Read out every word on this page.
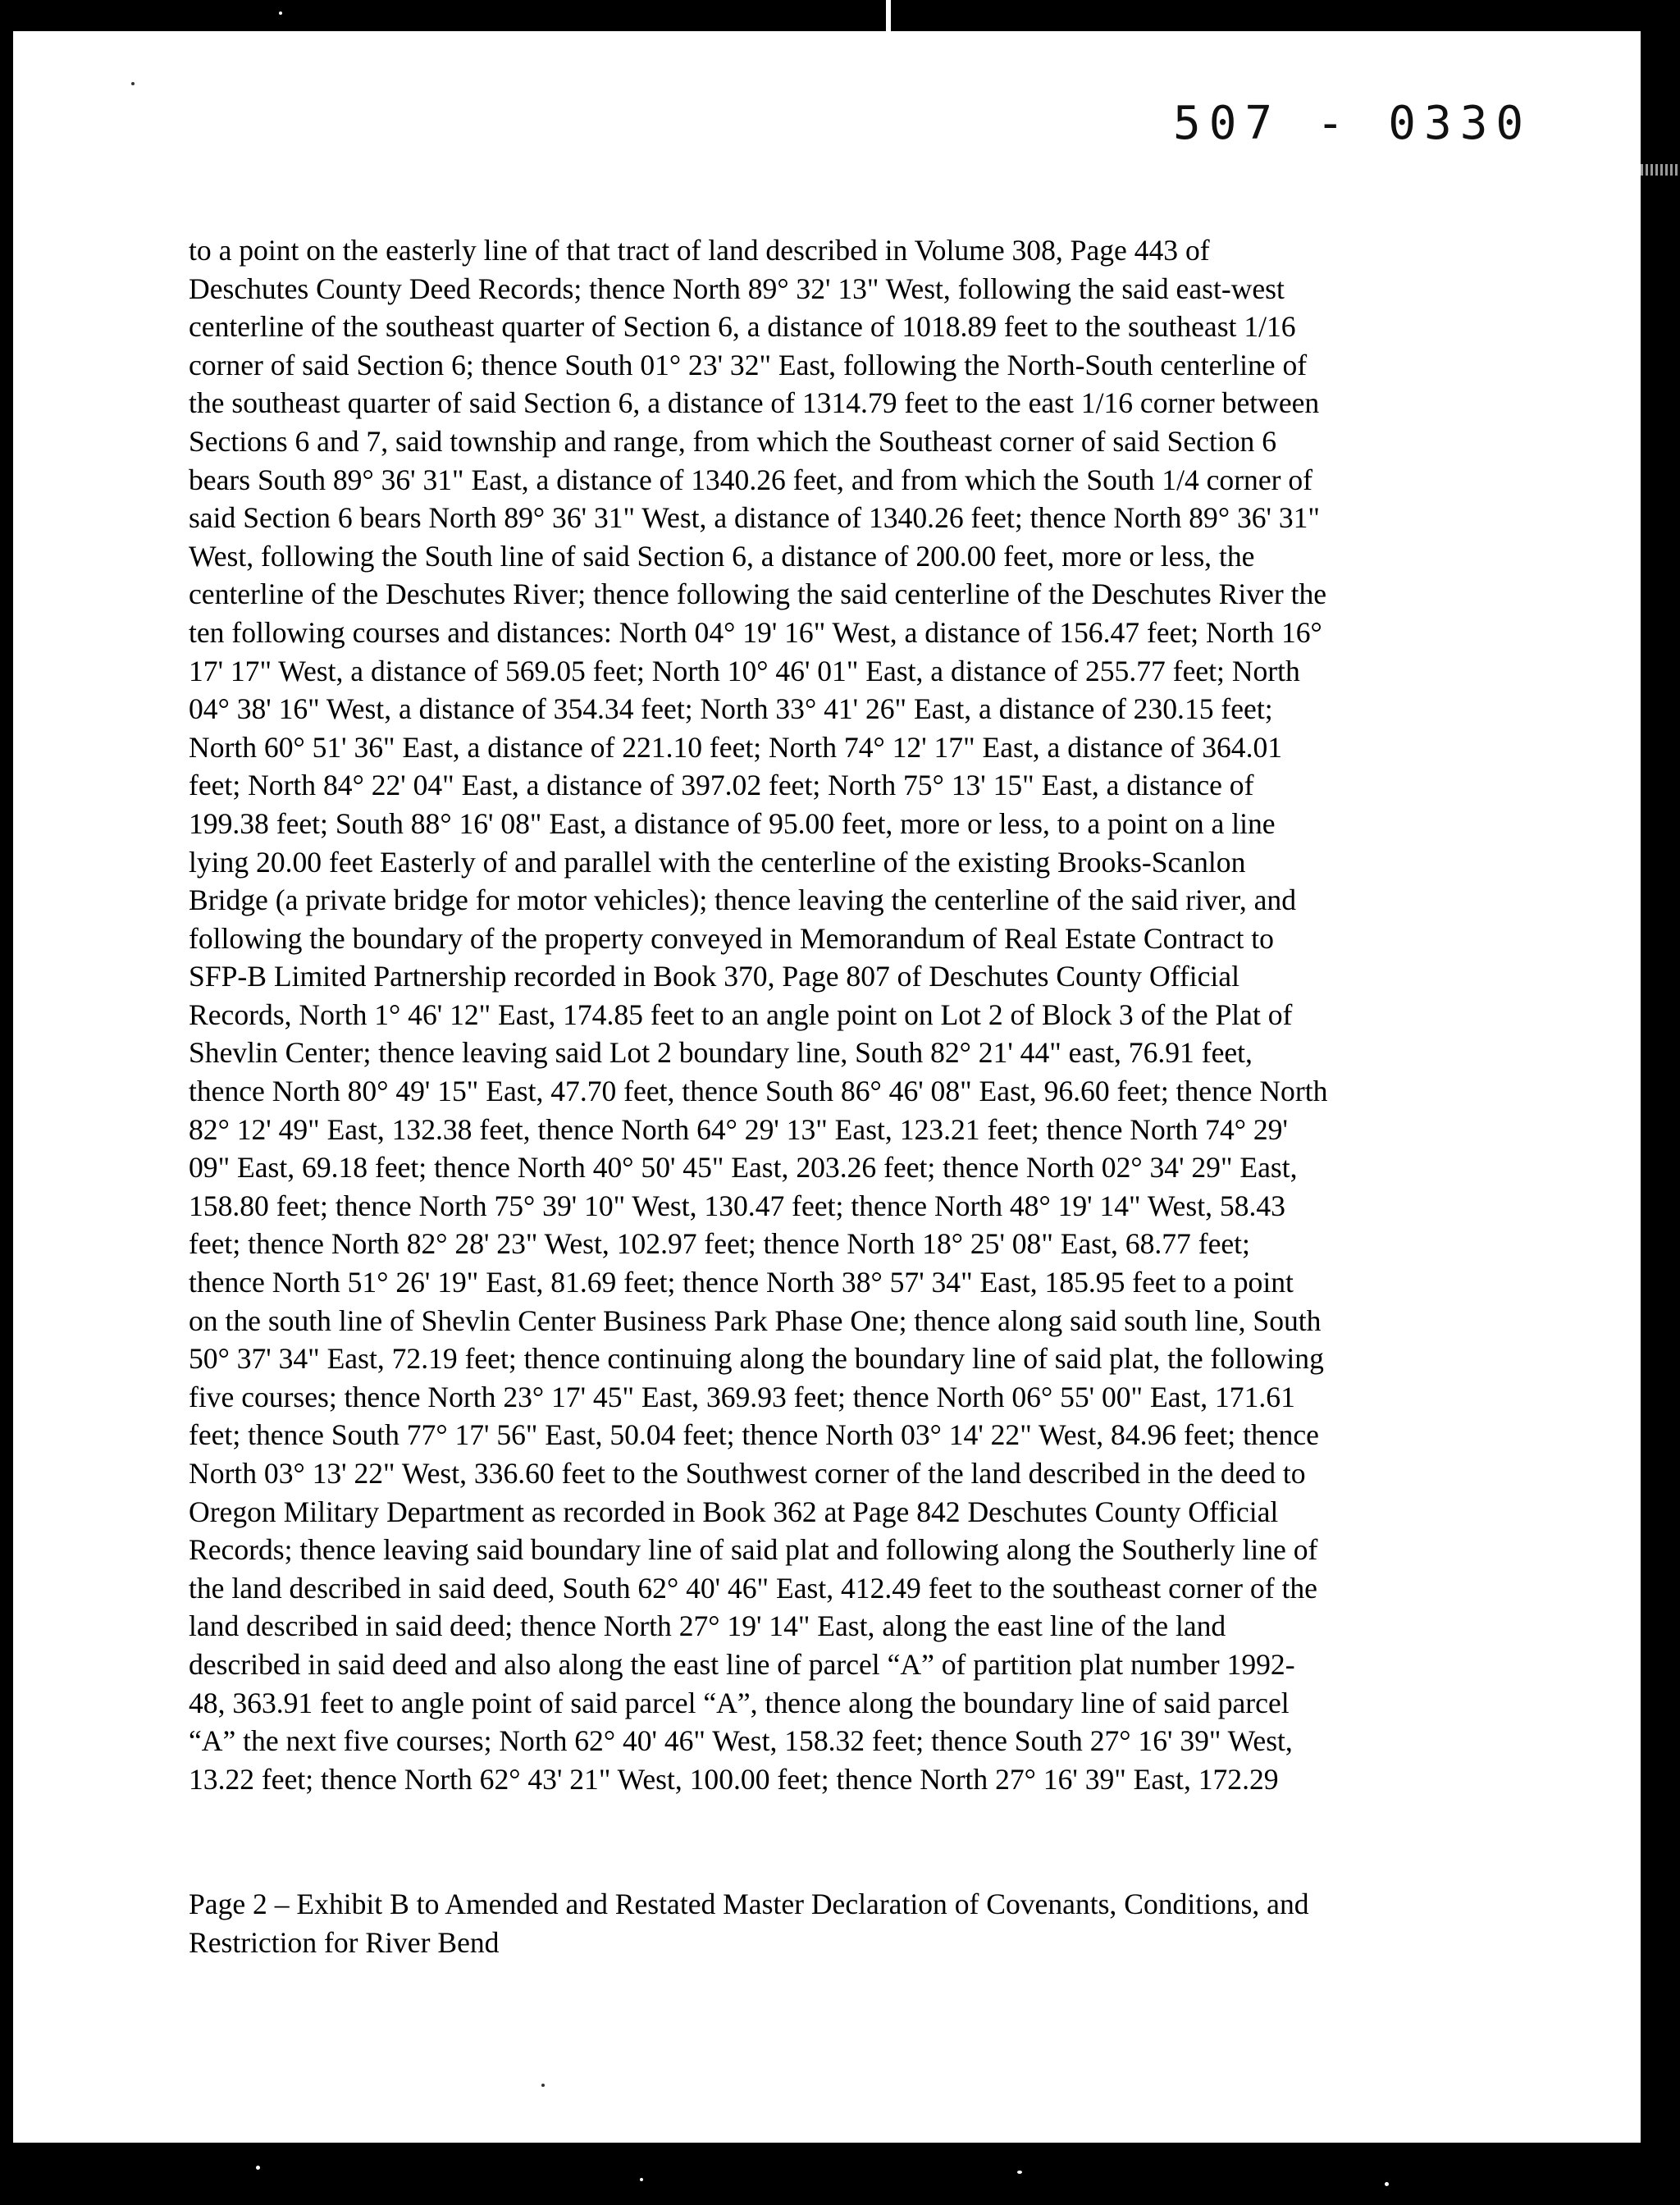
507 - 0330
to a point on the easterly line of that tract of land described in Volume 308, Page 443 of
Deschutes County Deed Records; thence North 89° 32' 13" West, following the said east-west
centerline of the southeast quarter of Section 6, a distance of 1018.89 feet to the southeast 1/16
corner of said Section 6; thence South 01° 23' 32" East, following the North-South centerline of
the southeast quarter of said Section 6, a distance of 1314.79 feet to the east 1/16 corner between
Sections 6 and 7, said township and range, from which the Southeast corner of said Section 6
bears South 89° 36' 31" East, a distance of 1340.26 feet, and from which the South 1/4 corner of
said Section 6 bears North 89° 36' 31" West, a distance of 1340.26 feet; thence North 89° 36' 31"
West, following the South line of said Section 6, a distance of 200.00 feet, more or less, the
centerline of the Deschutes River; thence following the said centerline of the Deschutes River the
ten following courses and distances: North 04° 19' 16" West, a distance of 156.47 feet; North 16°
17' 17" West, a distance of 569.05 feet; North 10° 46' 01" East, a distance of 255.77 feet; North
04° 38' 16" West, a distance of 354.34 feet; North 33° 41' 26" East, a distance of 230.15 feet;
North 60° 51' 36" East, a distance of 221.10 feet; North 74° 12' 17" East, a distance of 364.01
feet; North 84° 22' 04" East, a distance of 397.02 feet; North 75° 13' 15" East, a distance of
199.38 feet; South 88° 16' 08" East, a distance of 95.00 feet, more or less, to a point on a line
lying 20.00 feet Easterly of and parallel with the centerline of the existing Brooks-Scanlon
Bridge (a private bridge for motor vehicles); thence leaving the centerline of the said river, and
following the boundary of the property conveyed in Memorandum of Real Estate Contract to
SFP-B Limited Partnership recorded in Book 370, Page 807 of Deschutes County Official
Records, North 1° 46' 12" East, 174.85 feet to an angle point on Lot 2 of Block 3 of the Plat of
Shevlin Center; thence leaving said Lot 2 boundary line, South 82° 21' 44" east, 76.91 feet,
thence North 80° 49' 15" East, 47.70 feet, thence South 86° 46' 08" East, 96.60 feet; thence North
82° 12' 49" East, 132.38 feet, thence North 64° 29' 13" East, 123.21 feet; thence North 74° 29'
09" East, 69.18 feet; thence North 40° 50' 45" East, 203.26 feet; thence North 02° 34' 29" East,
158.80 feet; thence North 75° 39' 10" West, 130.47 feet; thence North 48° 19' 14" West, 58.43
feet; thence North 82° 28' 23" West, 102.97 feet; thence North 18° 25' 08" East, 68.77 feet;
thence North 51° 26' 19" East, 81.69 feet; thence North 38° 57' 34" East, 185.95 feet to a point
on the south line of Shevlin Center Business Park Phase One; thence along said south line, South
50° 37' 34" East, 72.19 feet; thence continuing along the boundary line of said plat, the following
five courses; thence North 23° 17' 45" East, 369.93 feet; thence North 06° 55' 00" East, 171.61
feet; thence South 77° 17' 56" East, 50.04 feet; thence North 03° 14' 22" West, 84.96 feet; thence
North 03° 13' 22" West, 336.60 feet to the Southwest corner of the land described in the deed to
Oregon Military Department as recorded in Book 362 at Page 842 Deschutes County Official
Records; thence leaving said boundary line of said plat and following along the Southerly line of
the land described in said deed, South 62° 40' 46" East, 412.49 feet to the southeast corner of the
land described in said deed; thence North 27° 19' 14" East, along the east line of the land
described in said deed and also along the east line of parcel “A” of partition plat number 1992-
48, 363.91 feet to angle point of said parcel “A”, thence along the boundary line of said parcel
“A” the next five courses; North 62° 40' 46" West, 158.32 feet; thence South 27° 16' 39" West,
13.22 feet; thence North 62° 43' 21" West, 100.00 feet; thence North 27° 16' 39" East, 172.29
Page 2 – Exhibit B to Amended and Restated Master Declaration of Covenants, Conditions, and
Restriction for River Bend
